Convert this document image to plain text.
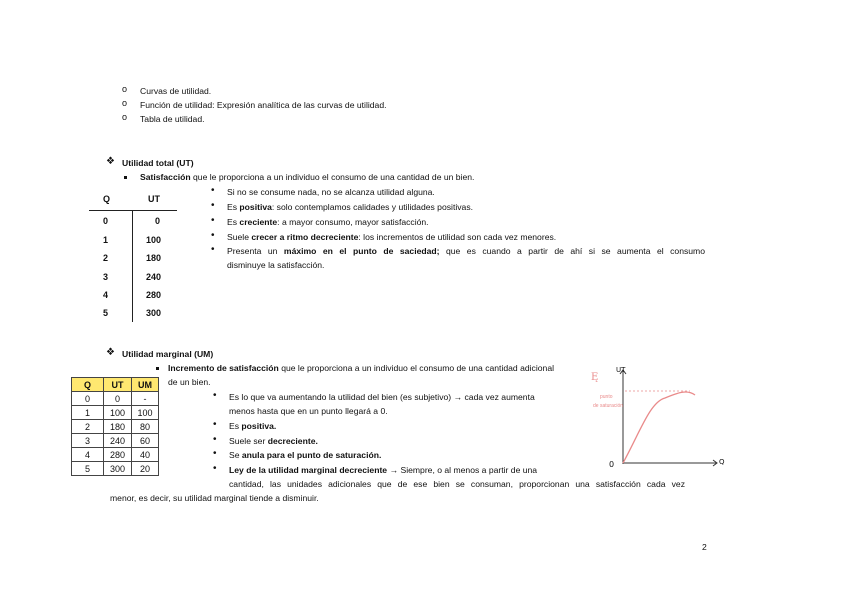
o Curvas de utilidad.
o Función de utilidad: Expresión analítica de las curvas de utilidad.
o Tabla de utilidad.
❖ Utilidad total (UT)
Satisfacción que le proporciona a un individuo el consumo de una cantidad de un bien.
Q	UT
0	0
1	100
2	180
3	240
4	280
5	300
• Si no se consume nada, no se alcanza utilidad alguna.
• Es positiva: solo contemplamos calidades y utilidades positivas.
• Es creciente: a mayor consumo, mayor satisfacción.
• Suele crecer a ritmo decreciente: los incrementos de utilidad son cada vez menores.
• Presenta un máximo en el punto de saciedad; que es cuando a partir de ahí si se aumenta el consumo
disminuye la satisfacción.
❖ Utilidad marginal (UM)
Incremento de satisfacción que le proporciona a un individuo el consumo de una cantidad adicional
de un bien.
Q	UT	UM
0	0	-
1	100	100
2	180	80
3	240	60
4	280	40
5	300	20
• Es lo que va aumentando la utilidad del bien (es subjetivo) → cada vez aumenta
menos hasta que en un punto llegará a 0.
• Es positiva.
• Suele ser decreciente.
• Se anula para el punto de saturación.
• Ley de la utilidad marginal decreciente → Siempre, o al menos a partir de una
cantidad, las unidades adicionales que de ese bien se consuman, proporcionan una satisfacción cada vez
menor, es decir, su utilidad marginal tiende a disminuir.
UT
Q
0
Ę
punto
de saturación
2
